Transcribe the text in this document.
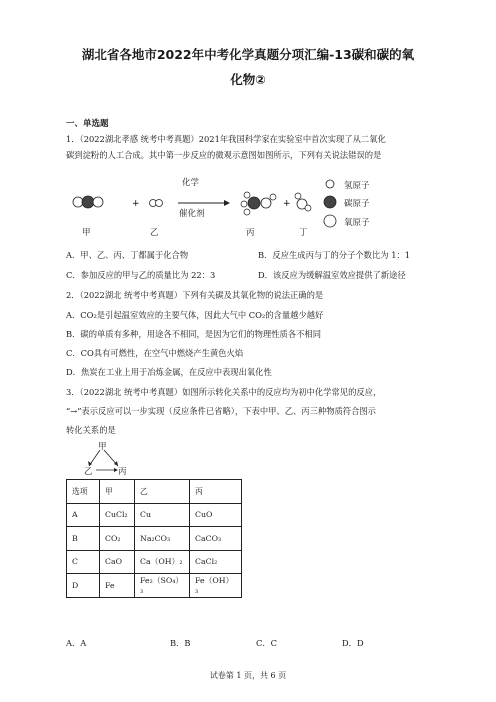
湖北省各地市2022年中考化学真题分项汇编-13碳和碳的氧
化物②
一、单选题
1．（2022湖北孝感 统考中考真题）2021年我国科学家在实验室中首次实现了从二氧化
碳到淀粉的人工合成。其中第一步反应的微观示意图如图所示，下列有关说法错误的是
+	+
化学
催化剂
氢原子
碳原子
氧原子
甲	乙	丙	丁
A．甲、乙、丙、丁都属于化合物	B．反应生成丙与丁的分子个数比为 1：1
C．参加反应的甲与乙的质量比为 22：3	D．该反应为缓解温室效应提供了新途径
2．（2022湖北 统考中考真题）下列有关碳及其氧化物的说法正确的是
A．CO₂是引起温室效应的主要气体，因此大气中 CO₂的含量越少越好
B．碳的单质有多种，用途各不相同，是因为它们的物理性质各不相同
C．CO具有可燃性，在空气中燃烧产生黄色火焰
D．焦炭在工业上用于冶炼金属，在反应中表现出氧化性
3．（2022湖北 统考中考真题）如图所示转化关系中的反应均为初中化学常见的反应，
“→”表示反应可以一步实现（反应条件已省略），下表中甲、乙、丙三种物质符合图示
转化关系的是
甲
乙	丙
选项	甲	乙	丙
A	CuCl₂	Cu	CuO
B	CO₂	Na₂CO₃	CaCO₃
C	CaO	Ca（OH）₂	CaCl₂
D	Fe	Fe₂（SO₄）₃	Fe（OH）₃
A．A	B．B	C．C	D．D
试卷第 1 页，共 6 页
